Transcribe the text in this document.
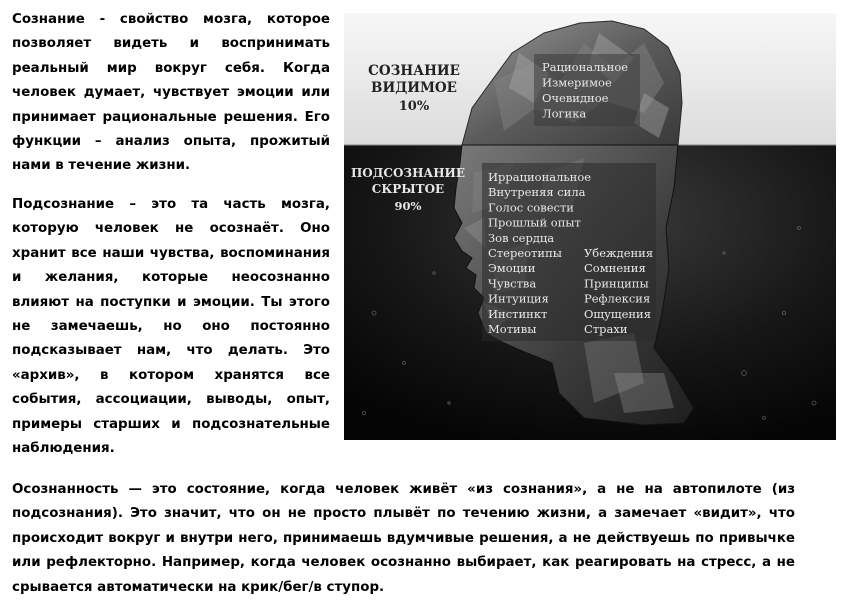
Сознание - свойство мозга, которое позволяет видеть и воспринимать реальный мир вокруг себя. Когда человек думает, чувствует эмоции или принимает рациональные решения. Его функции – анализ опыта, прожитый нами в течение жизни.

Подсознание – это та часть мозга, которую человек не осознаёт. Оно хранит все наши чувства, воспоминания и желания, которые неосознанно влияют на поступки и эмоции. Ты этого не замечаешь, но оно постоянно подсказывает нам, что делать. Это «архив», в котором хранятся все события, ассоциации, выводы, опыт, примеры старших и подсознательные наблюдения.

Осознанность — это состояние, когда человек живёт «из сознания», а не на автопилоте (из подсознания). Это значит, что он не просто плывёт по течению жизни, а замечает «видит», что происходит вокруг и внутри него, принимаешь вдумчивые решения, а не действуешь по привычке или рефлекторно. Например, когда человек осознанно выбирает, как реагировать на стресс, а не срывается автоматически на крик/бег/в ступор.

СОЗНАНИЕ
ВИДИМОЕ
10%
Рациональное
Измеримое
Очевидное
Логика
ПОДСОЗНАНИЕ
СКРЫТОЕ
90%
Иррациональное
Внутреняя сила
Голос совести
Прошлый опыт
Зов сердца
Стереотипы
Эмоции
Чувства
Интуиция
Инстинкт
Мотивы
Убеждения
Сомнения
Принципы
Рефлексия
Ощущения
Страхи
